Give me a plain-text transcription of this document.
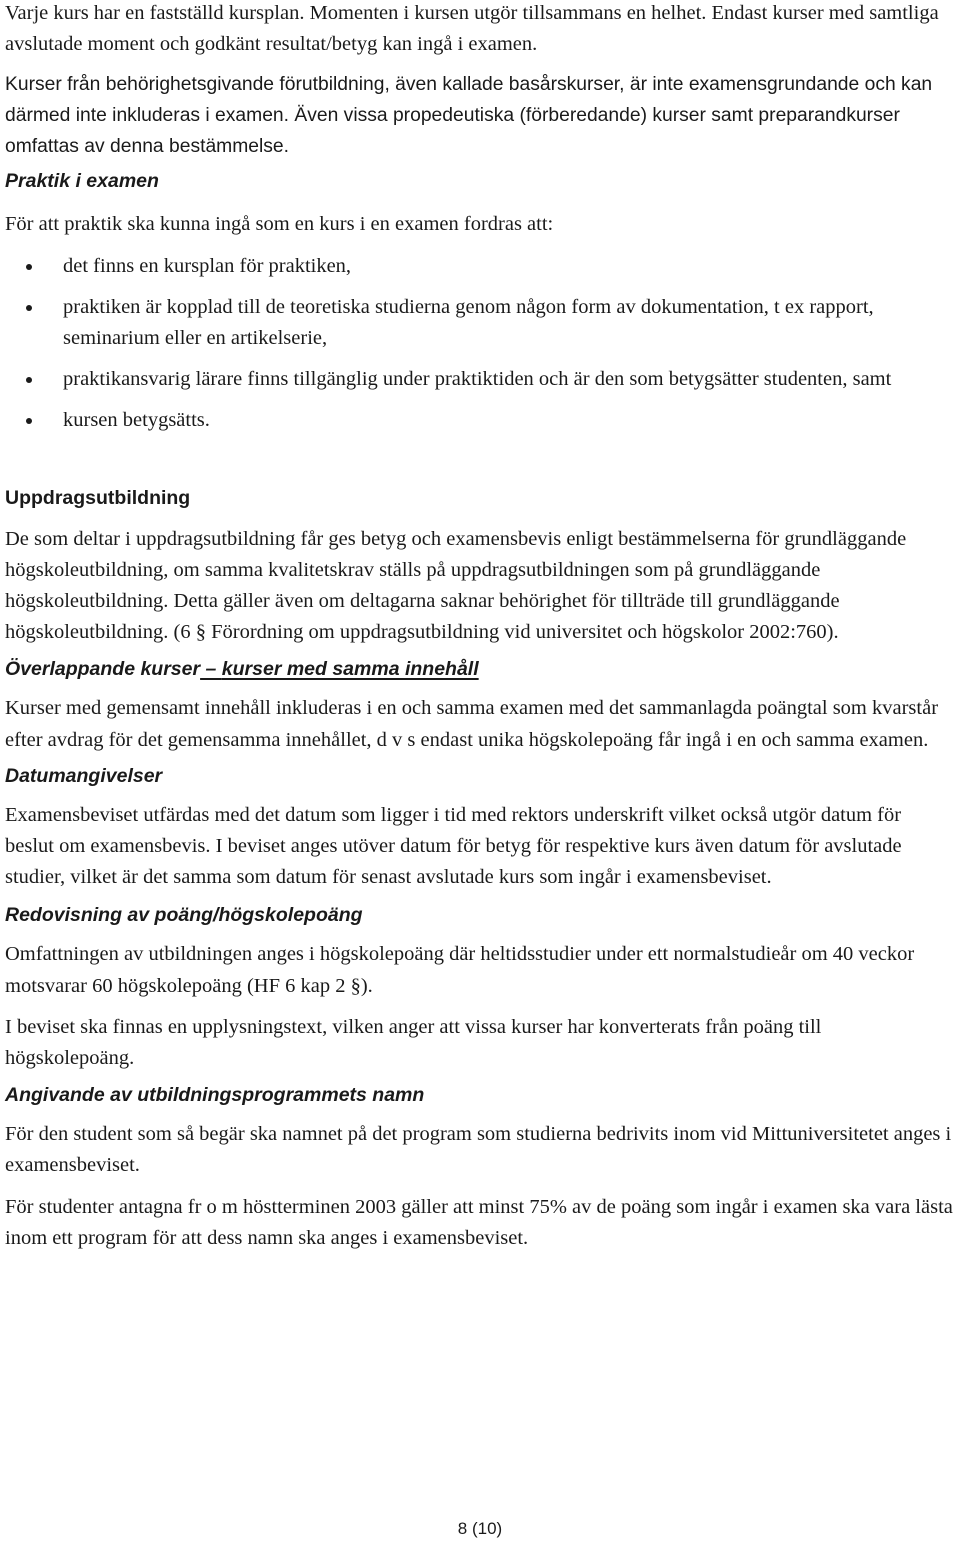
Varje kurs har en fastställd kursplan. Momenten i kursen utgör tillsammans en helhet. Endast kurser med samtliga avslutade moment och godkänt resultat/betyg kan ingå i examen.

Kurser från behörighetsgivande förutbildning, även kallade basårskurser, är inte examensgrundande och kan därmed inte inkluderas i examen. Även vissa propedeutiska (förberedande) kurser samt preparandkurser omfattas av denna bestämmelse.

Praktik i examen

För att praktik ska kunna ingå som en kurs i en examen fordras att:

det finns en kursplan för praktiken,
praktiken är kopplad till de teoretiska studierna genom någon form av dokumentation, t ex rapport, seminarium eller en artikelserie,
praktikansvarig lärare finns tillgänglig under praktiktiden och är den som betygsätter studenten, samt
kursen betygsätts.
Uppdragsutbildning

De som deltar i uppdragsutbildning får ges betyg och examensbevis enligt bestämmelserna för grundläggande högskoleutbildning, om samma kvalitetskrav ställs på uppdragsutbildningen som på grundläggande högskoleutbildning. Detta gäller även om deltagarna saknar behörighet för tillträde till grundläggande högskoleutbildning. (6 § Förordning om uppdragsutbildning vid universitet och högskolor 2002:760).

Överlappande kurser – kurser med samma innehåll

Kurser med gemensamt innehåll inkluderas i en och samma examen med det sammanlagda poängtal som kvarstår efter avdrag för det gemensamma innehållet, d v s endast unika högskolepoäng får ingå i en och samma examen.

Datumangivelser

Examensbeviset utfärdas med det datum som ligger i tid med rektors underskrift vilket också utgör datum för beslut om examensbevis. I beviset anges utöver datum för betyg för respektive kurs även datum för avslutade studier, vilket är det samma som datum för senast avslutade kurs som ingår i examensbeviset.

Redovisning av poäng/högskolepoäng

Omfattningen av utbildningen anges i högskolepoäng där heltidsstudier under ett normalstudieår om 40 veckor motsvarar 60 högskolepoäng (HF 6 kap 2 §).

I beviset ska finnas en upplysningstext, vilken anger att vissa kurser har konverterats från poäng till högskolepoäng.

Angivande av utbildningsprogrammets namn

För den student som så begär ska namnet på det program som studierna bedrivits inom vid Mittuniversitetet anges i examensbeviset.

För studenter antagna fr o m höstterminen 2003 gäller att minst 75% av de poäng som ingår i examen ska vara lästa inom ett program för att dess namn ska anges i examensbeviset.

8 (10)
